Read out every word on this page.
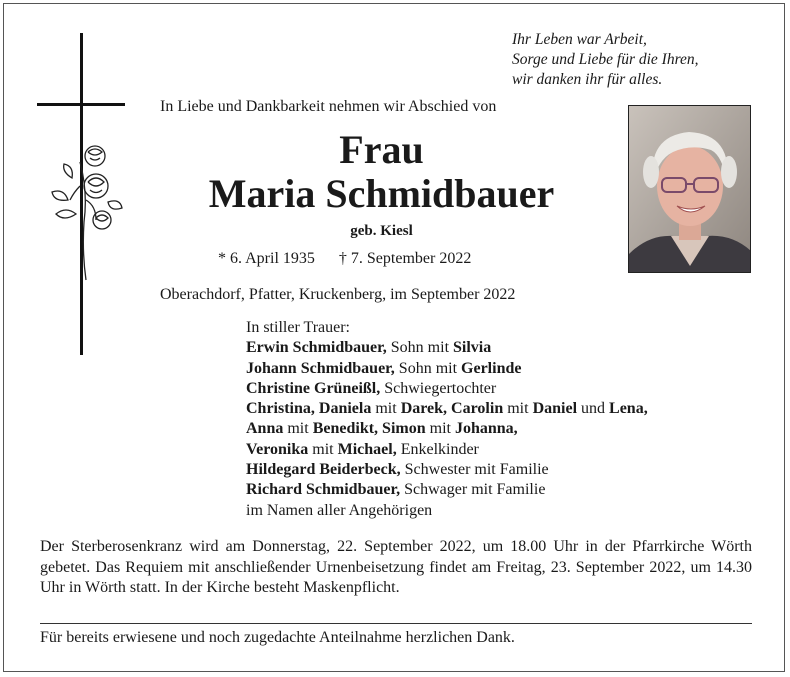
Ihr Leben war Arbeit,
Sorge und Liebe für die Ihren,
wir danken ihr für alles.
In Liebe und Dankbarkeit nehmen wir Abschied von
Frau
Maria Schmidbauer
geb. Kiesl
* 6. April 1935 † 7. September 2022
Oberachdorf, Pfatter, Kruckenberg, im September 2022
In stiller Trauer:
Erwin Schmidbauer, Sohn mit Silvia
Johann Schmidbauer, Sohn mit Gerlinde
Christine Grüneißl, Schwiegertochter
Christina, Daniela mit Darek, Carolin mit Daniel und Lena,
Anna mit Benedikt, Simon mit Johanna,
Veronika mit Michael, Enkelkinder
Hildegard Beiderbeck, Schwester mit Familie
Richard Schmidbauer, Schwager mit Familie
im Namen aller Angehörigen
Der Sterberosenkranz wird am Donnerstag, 22. September 2022, um 18.00 Uhr in der Pfarrkirche Wörth gebetet. Das Requiem mit anschließender Urnenbeisetzung findet am Freitag, 23. September 2022, um 14.30 Uhr in Wörth statt. In der Kirche besteht Maskenpflicht.
Für bereits erwiesene und noch zugedachte Anteilnahme herzlichen Dank.
